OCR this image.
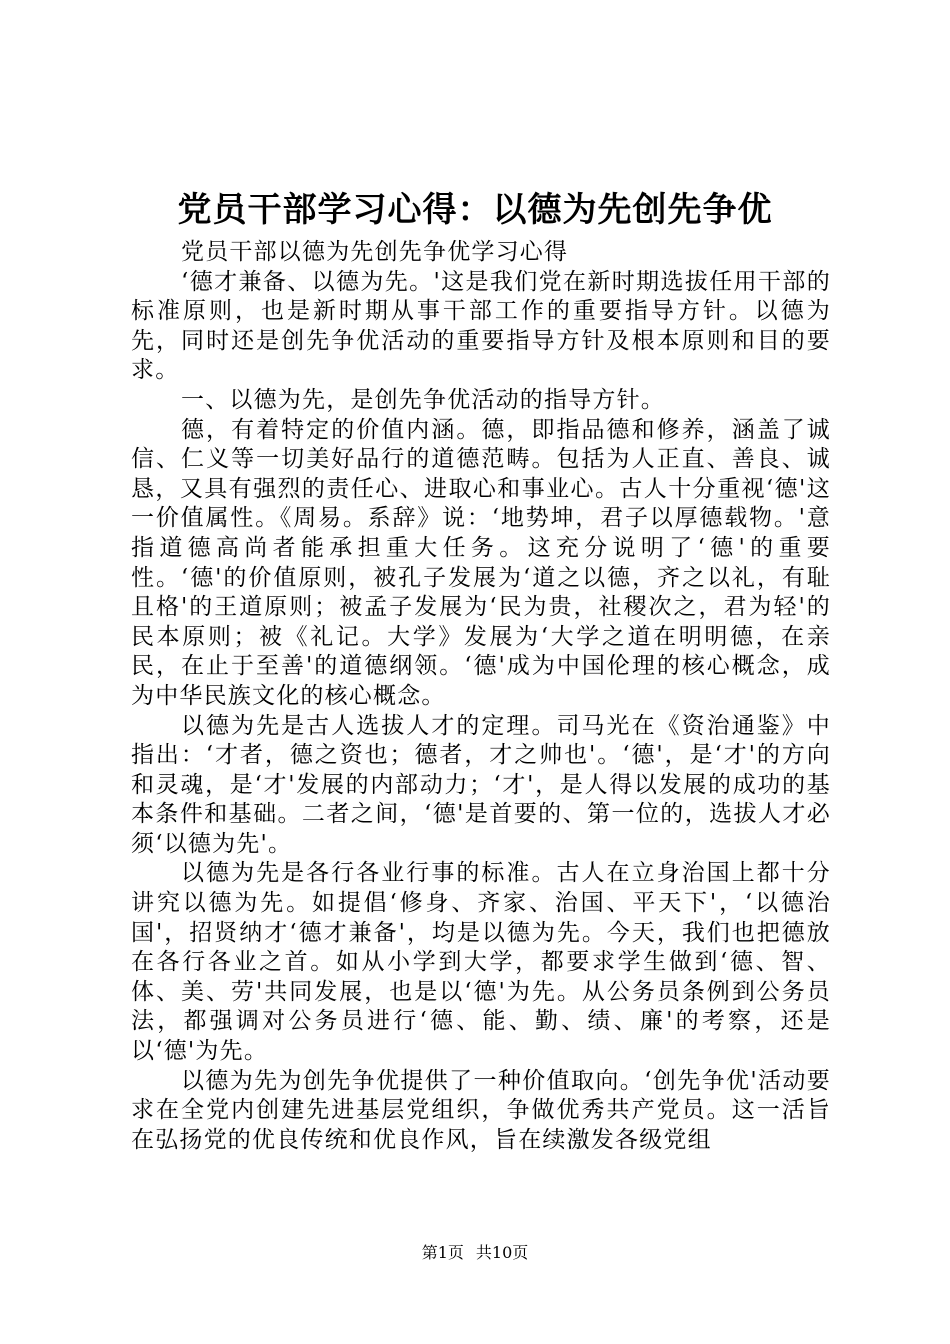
党员干部学习心得：以德为先创先争优

党员干部以德为先创先争优学习心得

‘德才兼备、以德为先。'这是我们党在新时期选拔任用干部的标准原则，也是新时期从事干部工作的重要指导方针。以德为先，同时还是创先争优活动的重要指导方针及根本原则和目的要求。

一、以德为先，是创先争优活动的指导方针。

德，有着特定的价值内涵。德，即指品德和修养，涵盖了诚信、仁义等一切美好品行的道德范畴。包括为人正直、善良、诚恳，又具有强烈的责任心、进取心和事业心。古人十分重视‘德'这一价值属性。《周易。系辞》说：‘地势坤，君子以厚德载物。'意指道德高尚者能承担重大任务。这充分说明了‘德'的重要性。‘德'的价值原则，被孔子发展为‘道之以德，齐之以礼，有耻且格'的王道原则；被孟子发展为‘民为贵，社稷次之，君为轻'的民本原则；被《礼记。大学》发展为‘大学之道在明明德，在亲民，在止于至善'的道德纲领。‘德'成为中国伦理的核心概念，成为中华民族文化的核心概念。

以德为先是古人选拔人才的定理。司马光在《资治通鉴》中指出：‘才者，德之资也；德者，才之帅也'。‘德'，是‘才'的方向和灵魂，是‘才'发展的内部动力；‘才'，是人得以发展的成功的基本条件和基础。二者之间，‘德'是首要的、第一位的，选拔人才必须‘以德为先'。

以德为先是各行各业行事的标准。古人在立身治国上都十分讲究以德为先。如提倡‘修身、齐家、治国、平天下'，‘以德治国'，招贤纳才‘德才兼备'，均是以德为先。今天，我们也把德放在各行各业之首。如从小学到大学，都要求学生做到‘德、智、体、美、劳'共同发展，也是以‘德'为先。从公务员条例到公务员法，都强调对公务员进行‘德、能、勤、绩、廉'的考察，还是以‘德'为先。

以德为先为创先争优提供了一种价值取向。‘创先争优'活动要求在全党内创建先进基层党组织，争做优秀共产党员。这一活旨在弘扬党的优良传统和优良作风，旨在续激发各级党组

第1页 共10页
